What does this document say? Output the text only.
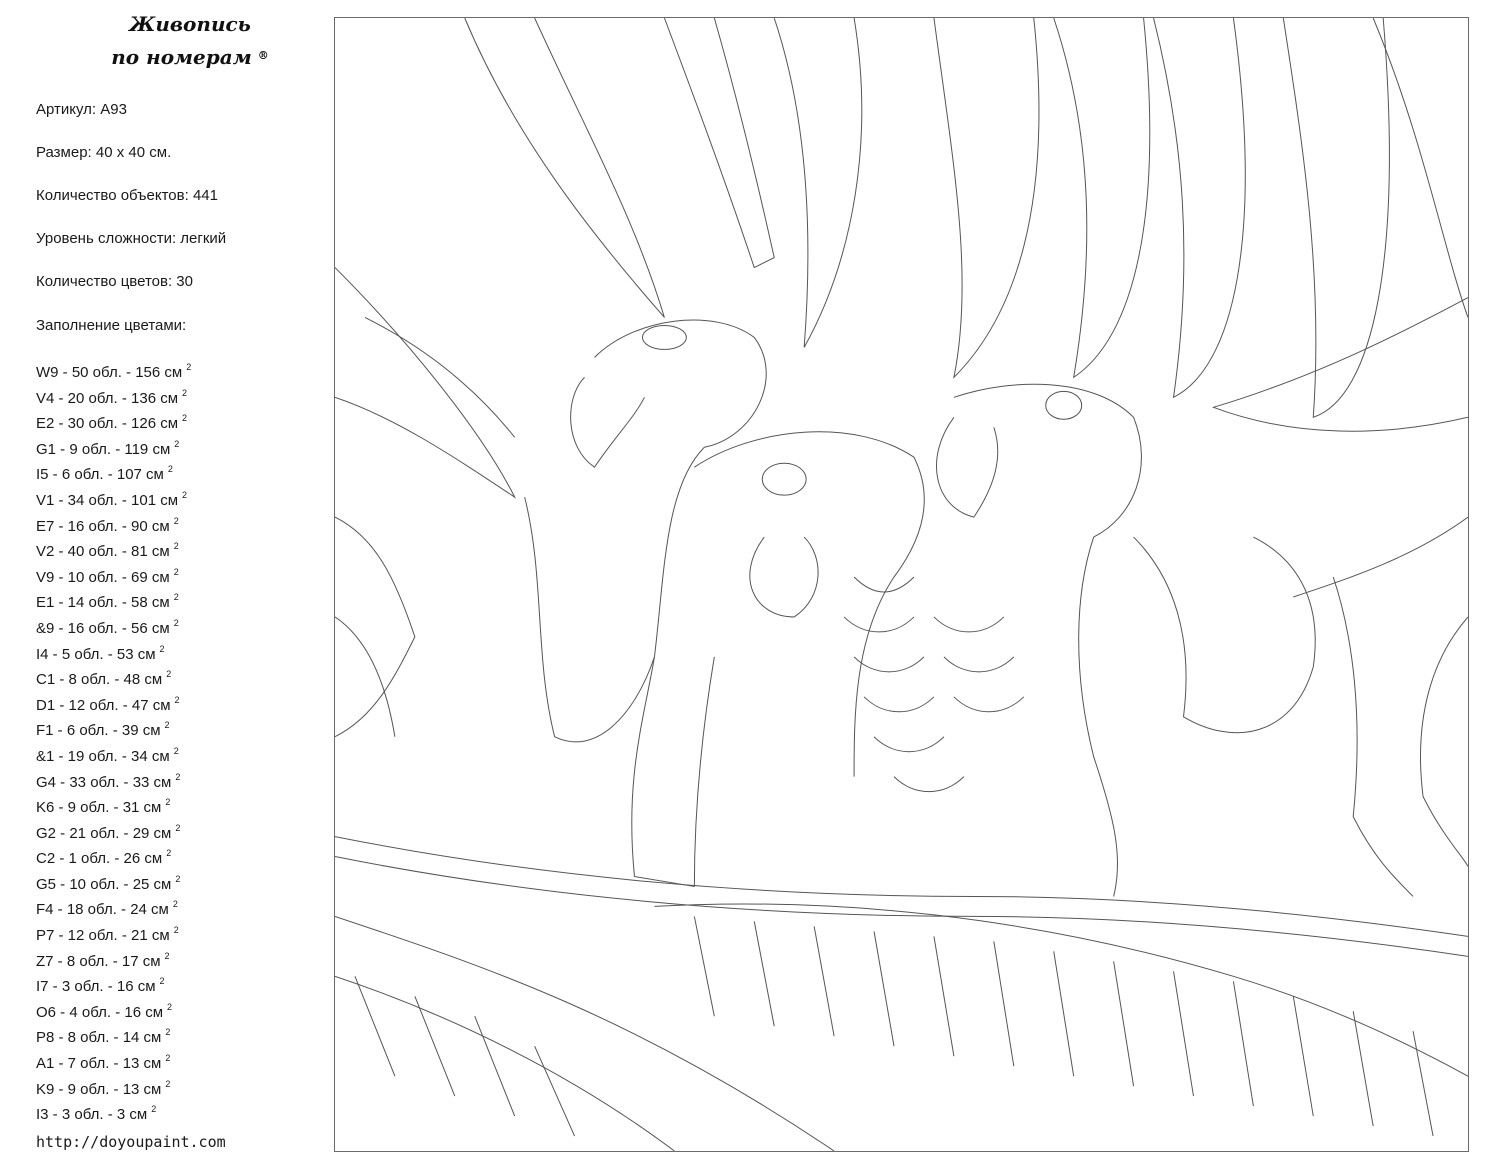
Живопись
по номерам ®
Артикул: A93
Размер: 40 х 40 см.
Количество объектов: 441
Уровень сложности: легкий
Количество цветов: 30
Заполнение цветами:
W9 - 50 обл. - 156 см $^2$
V4 - 20 обл. - 136 см $^2$
E2 - 30 обл. - 126 см $^2$
G1 - 9 обл. - 119 см $^2$
I5 - 6 обл. - 107 см $^2$
V1 - 34 обл. - 101 см $^2$
E7 - 16 обл. - 90 см $^2$
V2 - 40 обл. - 81 см $^2$
V9 - 10 обл. - 69 см $^2$
E1 - 14 обл. - 58 см $^2$
&9 - 16 обл. - 56 см $^2$
I4 - 5 обл. - 53 см $^2$
C1 - 8 обл. - 48 см $^2$
D1 - 12 обл. - 47 см $^2$
F1 - 6 обл. - 39 см $^2$
&1 - 19 обл. - 34 см $^2$
G4 - 33 обл. - 33 см $^2$
K6 - 9 обл. - 31 см $^2$
G2 - 21 обл. - 29 см $^2$
C2 - 1 обл. - 26 см $^2$
G5 - 10 обл. - 25 см $^2$
F4 - 18 обл. - 24 см $^2$
P7 - 12 обл. - 21 см $^2$
Z7 - 8 обл. - 17 см $^2$
I7 - 3 обл. - 16 см $^2$
O6 - 4 обл. - 16 см $^2$
P8 - 8 обл. - 14 см $^2$
A1 - 7 обл. - 13 см $^2$
K9 - 9 обл. - 13 см $^2$
I3 - 3 обл. - 3 см $^2$
http://doyoupaint.com
